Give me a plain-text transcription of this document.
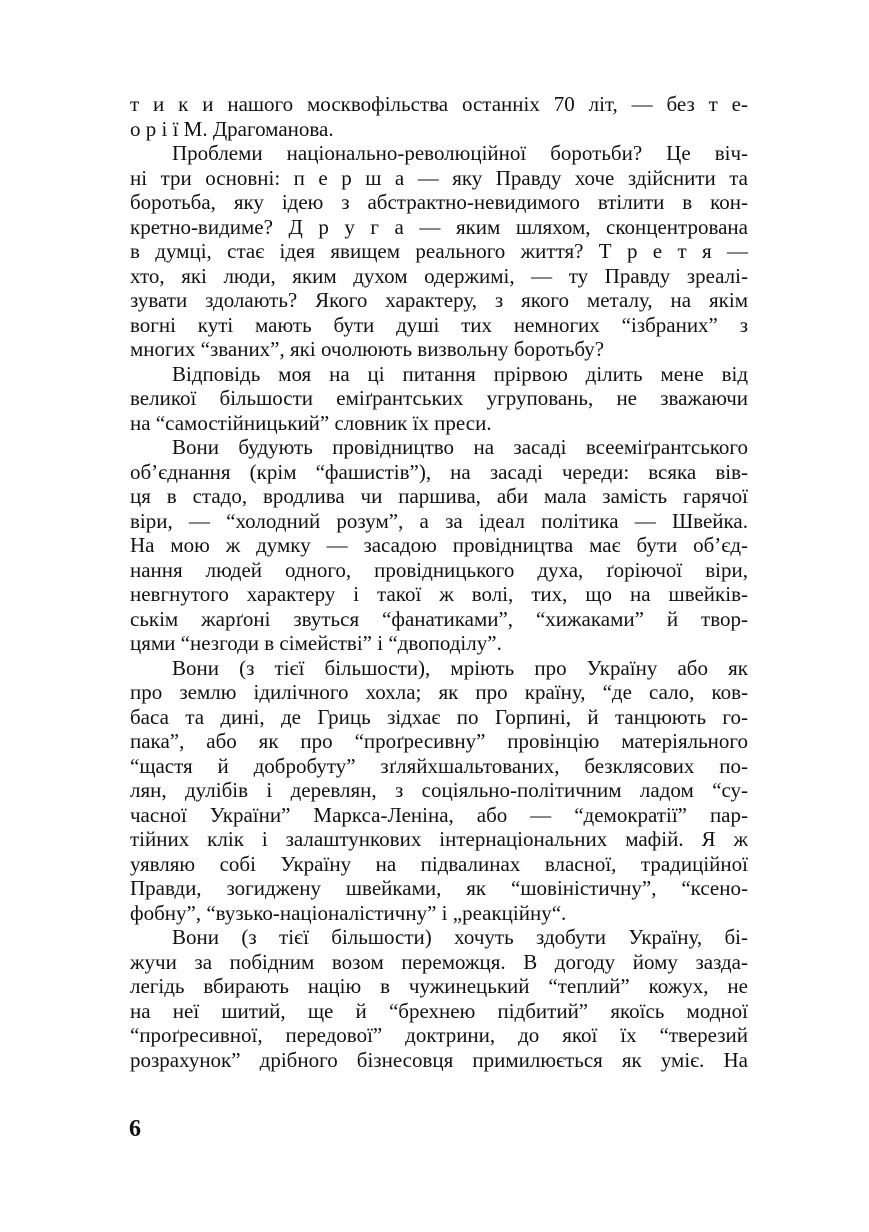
т и к и нашого москвофільства останніх 70 літ, — без т е-
о р і ї М. Драгоманова.
Проблеми національно-революційної боротьби? Це віч-
ні три основні: п е р ш а — яку Правду хоче здійснити та
боротьба, яку ідею з абстрактно-невидимого втілити в кон-
кретно-видиме? Д р у г а — яким шляхом, сконцентрована
в думці, стає ідея явищем реального життя? Т р е т я —
хто, які люди, яким духом одержимі, — ту Правду зреалі-
зувати здолають? Якого характеру, з якого металу, на якім
вогні куті мають бути душі тих немногих “ізбраних” з
многих “званих”, які очолюють визвольну боротьбу?
Відповідь моя на ці питання прірвою ділить мене від
великої більшости еміґрантських угруповань, не зважаючи
на “самостійницький” словник їх преси.
Вони будують провідництво на засаді всееміґрантського
об’єднання (крім “фашистів”), на засаді череди: всяка вів-
ця в стадо, вродлива чи паршива, аби мала замість гарячої
віри, — “холодний розум”, а за ідеал політика — Швейка.
На мою ж думку — засадою провідництва має бути об’єд-
нання людей одного, провідницького духа, ґоріючої віри,
невгнутого характеру і такої ж волі, тих, що на швейків-
ськім жарґоні звуться “фанатиками”, “хижаками” й твор-
цями “незгоди в сімействі” і “двоподілу”.
Вони (з тієї більшости), мріють про Україну або як
про землю ідилічного хохла; як про країну, “де сало, ков-
баса та дині, де Гриць зідхає по Горпині, й танцюють го-
пака”, або як про “проґресивну” провінцію матеріяльного
“щастя й добробуту” зґляйхшальтованих, безклясових по-
лян, дулібів і деревлян, з соціяльно-політичним ладом “су-
часної України” Маркса-Леніна, або — “демократії” пар-
тійних клік і залаштункових інтернаціональних мафій. Я ж
уявляю собі Україну на підвалинах власної, традиційної
Правди, зогиджену швейками, як “шовіністичну”, “ксено-
фобну”, “вузько-націоналістичну” і „реакційну“.
Вони (з тієї більшости) хочуть здобути Україну, бі-
жучи за побідним возом переможця. В догоду йому зазда-
легідь вбирають націю в чужинецький “теплий” кожух, не
на неї шитий, ще й “брехнею підбитий” якоїсь модної
“проґресивної, передової” доктрини, до якої їх “тверезий
розрахунок” дрібного бізнесовця примилюється як уміє. На
6
